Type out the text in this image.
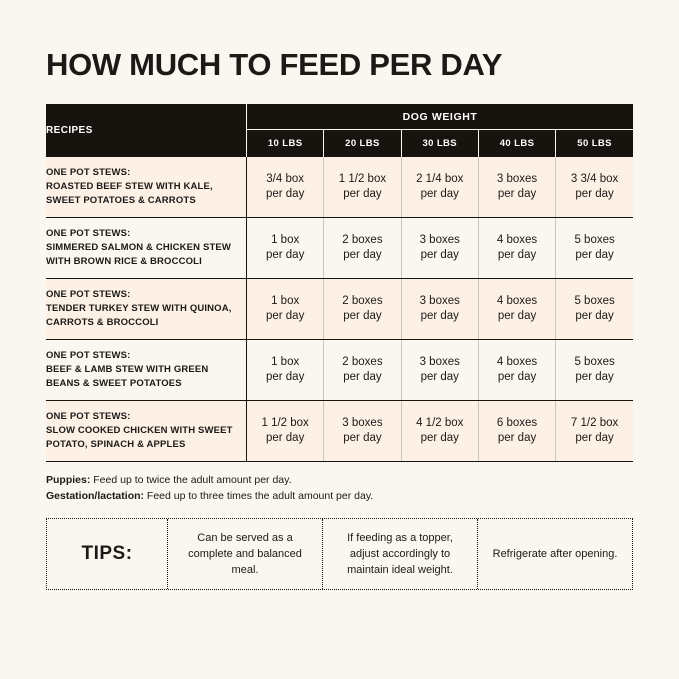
HOW MUCH TO FEED PER DAY
RECIPES	DOG WEIGHT				
	10 LBS	20 LBS	30 LBS	40 LBS	50 LBS

ONE POT STEWS:
ROASTED BEEF STEW WITH KALE,
SWEET POTATOES & CARROTS	3/4 box
per day	1 1/2 box
per day	2 1/4 box
per day	3 boxes
per day	3 3/4 box
per day

ONE POT STEWS:
SIMMERED SALMON & CHICKEN STEW
WITH BROWN RICE & BROCCOLI	1 box
per day	2 boxes
per day	3 boxes
per day	4 boxes
per day	5 boxes
per day

ONE POT STEWS:
TENDER TURKEY STEW WITH QUINOA,
CARROTS & BROCCOLI	1 box
per day	2 boxes
per day	3 boxes
per day	4 boxes
per day	5 boxes
per day

ONE POT STEWS:
BEEF & LAMB STEW WITH GREEN
BEANS & SWEET POTATOES	1 box
per day	2 boxes
per day	3 boxes
per day	4 boxes
per day	5 boxes
per day

ONE POT STEWS:
SLOW COOKED CHICKEN WITH SWEET
POTATO, SPINACH & APPLES	1 1/2 box
per day	3 boxes
per day	4 1/2 box
per day	6 boxes
per day	7 1/2 box
per day
Puppies: Feed up to twice the adult amount per day.
Gestation/lactation: Feed up to three times the adult amount per day.
TIPS:
Can be served as a complete and balanced meal.
If feeding as a topper, adjust accordingly to maintain ideal weight.
Refrigerate after opening.
